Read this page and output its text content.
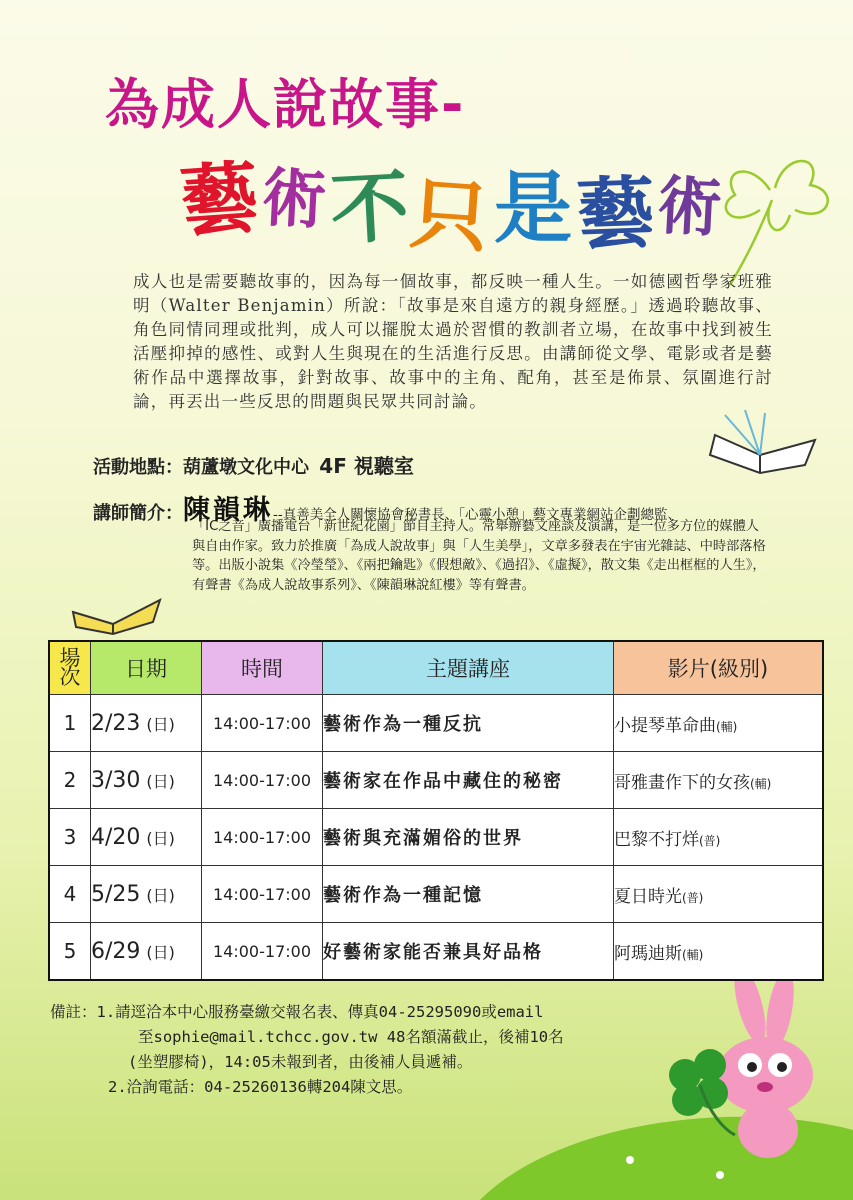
為成人說故事-
藝術不只是藝術
成人也是需要聽故事的，因為每一個故事，都反映一種人生。一如德國哲學家班雅明（Walter Benjamin）所說：「故事是來自遠方的親身經歷。」透過聆聽故事、角色同情同理或批判，成人可以擺脫太過於習慣的教訓者立場，在故事中找到被生活壓抑掉的感性、或對人生與現在的生活進行反思。由講師從文學、電影或者是藝術作品中選擇故事，針對故事、故事中的主角、配角，甚至是佈景、氛圍進行討論，再丟出一些反思的問題與民眾共同討論。
活動地點：葫蘆墩文化中心 4F 視聽室
講師簡介：陳韻琳--真善美全人關懷協會秘書長、「心靈小憩」藝文專業網站企劃總監、
「IC之音」廣播電台「新世紀花園」節目主持人。常舉辦藝文座談及演講，是一位多方位的媒體人與自由作家。致力於推廣「為成人說故事」與「人生美學」，文章多發表在宇宙光雜誌、中時部落格等。出版小說集《冷瑩瑩》、《兩把鑰匙》《假想敵》、《過招》、《虛擬》，散文集《走出框框的人生》，有聲書《為成人說故事系列》、《陳韻琳說紅樓》等有聲書。
場次	日期	時間	主題講座	影片(級別)
1	2/23 (日)	14:00-17:00	藝術作為一種反抗	小提琴革命曲(輔)
2	3/30 (日)	14:00-17:00	藝術家在作品中藏住的秘密	哥雅畫作下的女孩(輔)
3	4/20 (日)	14:00-17:00	藝術與充滿媚俗的世界	巴黎不打烊(普)
4	5/25 (日)	14:00-17:00	藝術作為一種記憶	夏日時光(普)
5	6/29 (日)	14:00-17:00	好藝術家能否兼具好品格	阿瑪迪斯(輔)
備註：1.請逕洽本中心服務臺繳交報名表、傳真04-25295090或email
至sophie@mail.tchcc.gov.tw 48名額滿截止，後補10名
(坐塑膠椅)，14:05未報到者，由後補人員遞補。
2.洽詢電話：04-25260136轉204陳文思。
